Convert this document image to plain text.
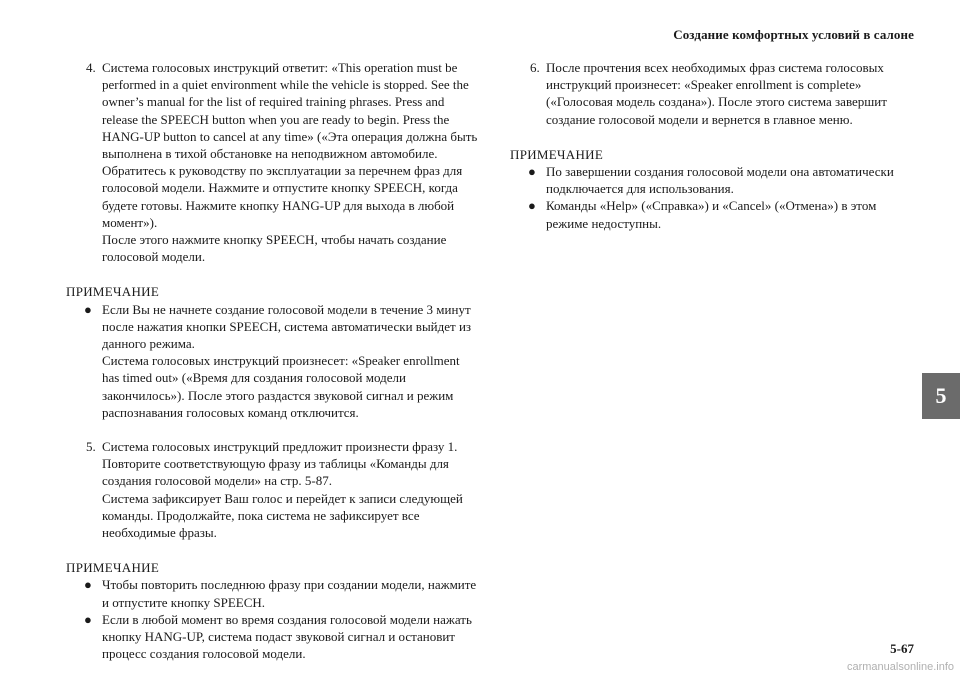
Создание комфортных условий в салоне
5
4. Система голосовых инструкций ответит: «This operation must be performed in a quiet environment while the vehicle is stopped. See the owner’s manual for the list of required training phrases. Press and release the SPEECH button when you are ready to begin. Press the HANG-UP button to cancel at any time» («Эта операция должна быть выполнена в тихой обстановке на неподвижном автомобиле. Обратитесь к руководству по эксплуатации за перечнем фраз для голосовой модели. Нажмите и отпустите кнопку SPEECH, когда будете готовы. Нажмите кнопку HANG-UP для выхода в любой момент»).

После этого нажмите кнопку SPEECH, чтобы начать создание голосовой модели.

ПРИМЕЧАНИЕ
● Если Вы не начнете создание голосовой модели в течение 3 минут после нажатия кнопки SPEECH, система автоматически выйдет из данного режима.

Система голосовых инструкций произнесет: «Speaker enrollment has timed out» («Время для создания голосовой модели закончилось»). После этого раздастся звуковой сигнал и режим распознавания голосовых команд отключится.

5. Система голосовых инструкций предложит произнести фразу 1. Повторите соответствующую фразу из таблицы «Команды для создания голосовой модели» на стр. 5-87.

Система зафиксирует Ваш голос и перейдет к записи следующей команды. Продолжайте, пока система не зафиксирует все необходимые фразы.

ПРИМЕЧАНИЕ
● Чтобы повторить последнюю фразу при создании модели, нажмите и отпустите кнопку SPEECH.

● Если в любой момент во время создания голосовой модели нажать кнопку HANG-UP, система подаст звуковой сигнал и остановит процесс создания голосовой модели.

6. После прочтения всех необходимых фраз система голосовых инструкций произнесет: «Speaker enrollment is complete» («Голосовая модель создана»). После этого система завершит создание голосовой модели и вернется в главное меню.

ПРИМЕЧАНИЕ
● По завершении создания голосовой модели она автоматически подключается для использования.

● Команды «Help» («Справка») и «Cancel» («Отмена») в этом режиме недоступны.

5-67
carmanualsonline.info
